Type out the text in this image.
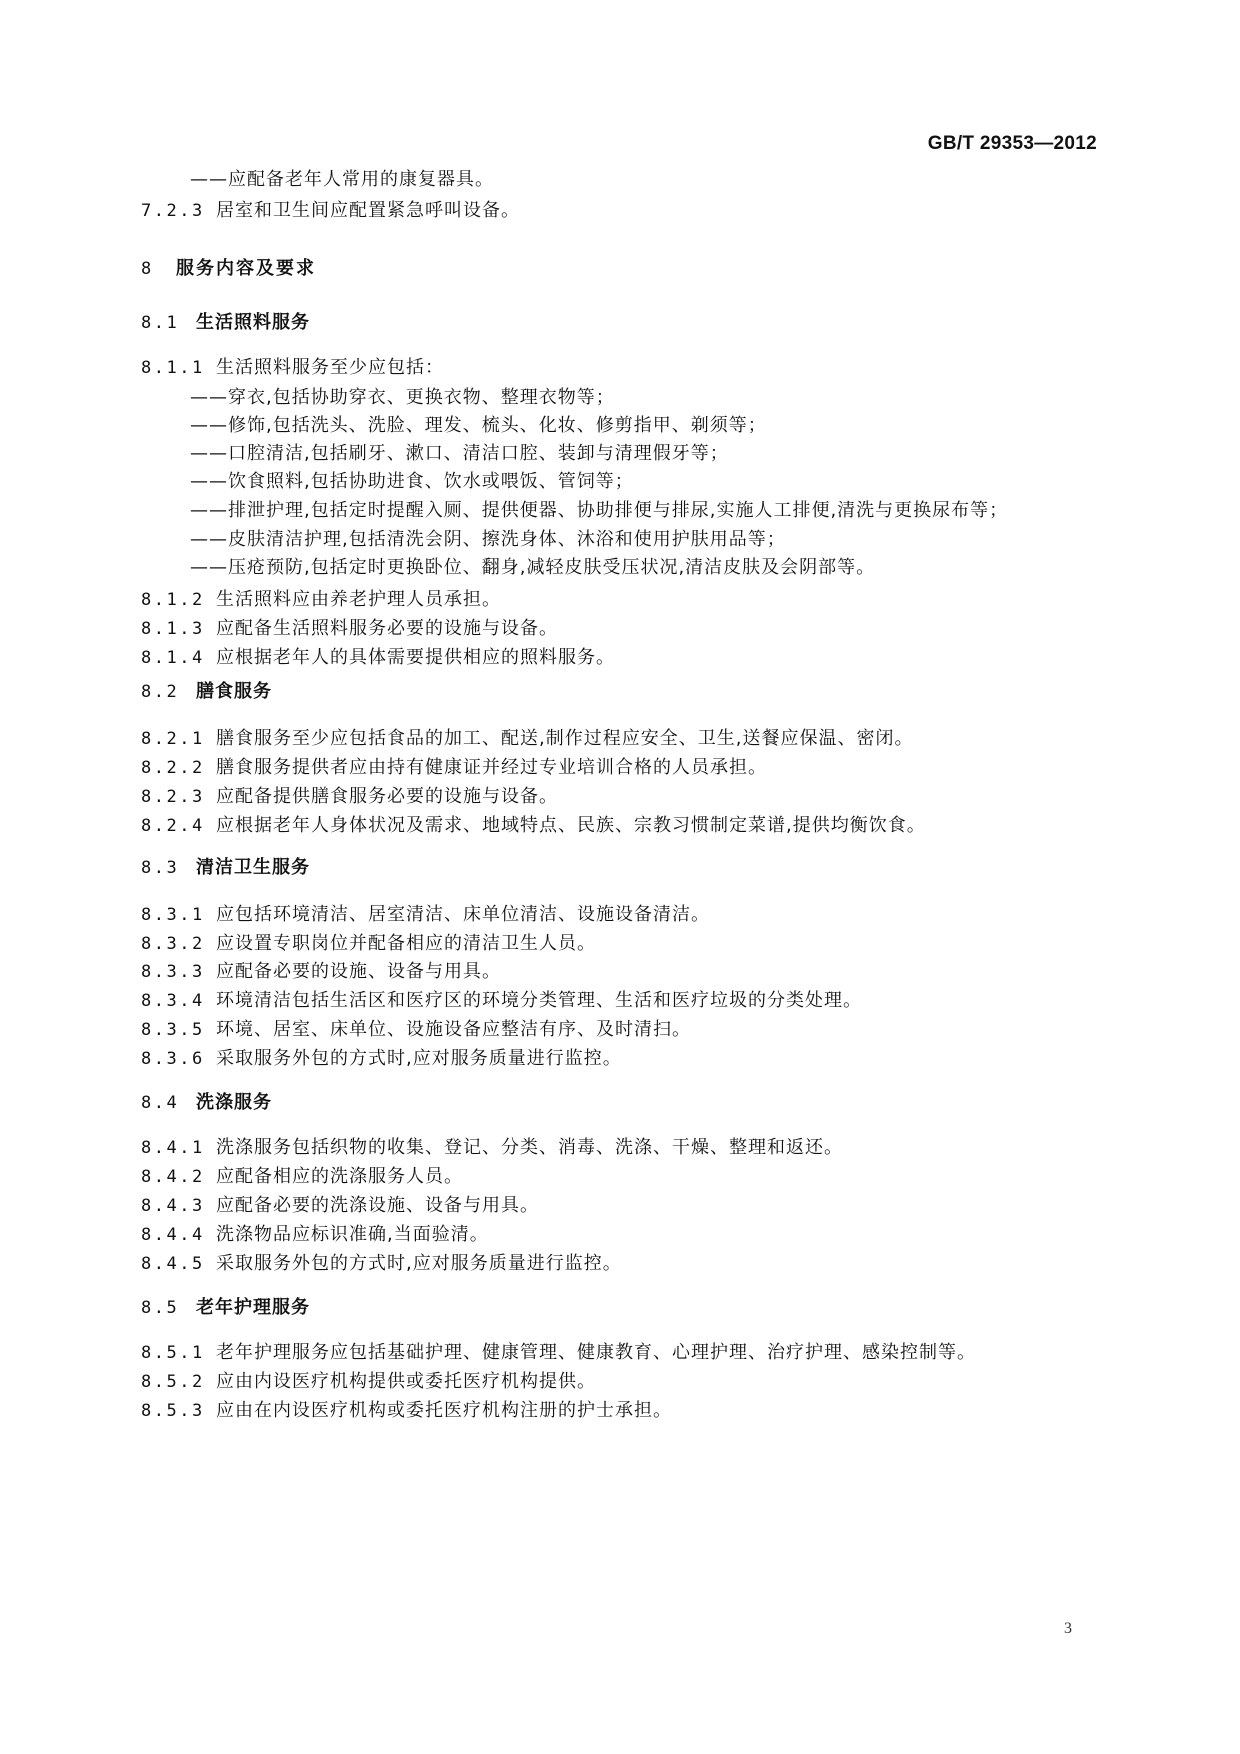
GB/T 29353—2012
——应配备老年人常用的康复器具。
7.2.3 居室和卫生间应配置紧急呼叫设备。
8 服务内容及要求
8.1 生活照料服务
8.1.1 生活照料服务至少应包括：
——穿衣,包括协助穿衣、更换衣物、整理衣物等；
——修饰,包括洗头、洗脸、理发、梳头、化妆、修剪指甲、剃须等；
——口腔清洁,包括刷牙、漱口、清洁口腔、装卸与清理假牙等；
——饮食照料,包括协助进食、饮水或喂饭、管饲等；
——排泄护理,包括定时提醒入厕、提供便器、协助排便与排尿,实施人工排便,清洗与更换尿布等；
——皮肤清洁护理,包括清洗会阴、擦洗身体、沐浴和使用护肤用品等；
——压疮预防,包括定时更换卧位、翻身,减轻皮肤受压状况,清洁皮肤及会阴部等。
8.1.2 生活照料应由养老护理人员承担。
8.1.3 应配备生活照料服务必要的设施与设备。
8.1.4 应根据老年人的具体需要提供相应的照料服务。
8.2 膳食服务
8.2.1 膳食服务至少应包括食品的加工、配送,制作过程应安全、卫生,送餐应保温、密闭。
8.2.2 膳食服务提供者应由持有健康证并经过专业培训合格的人员承担。
8.2.3 应配备提供膳食服务必要的设施与设备。
8.2.4 应根据老年人身体状况及需求、地域特点、民族、宗教习惯制定菜谱,提供均衡饮食。
8.3 清洁卫生服务
8.3.1 应包括环境清洁、居室清洁、床单位清洁、设施设备清洁。
8.3.2 应设置专职岗位并配备相应的清洁卫生人员。
8.3.3 应配备必要的设施、设备与用具。
8.3.4 环境清洁包括生活区和医疗区的环境分类管理、生活和医疗垃圾的分类处理。
8.3.5 环境、居室、床单位、设施设备应整洁有序、及时清扫。
8.3.6 采取服务外包的方式时,应对服务质量进行监控。
8.4 洗涤服务
8.4.1 洗涤服务包括织物的收集、登记、分类、消毒、洗涤、干燥、整理和返还。
8.4.2 应配备相应的洗涤服务人员。
8.4.3 应配备必要的洗涤设施、设备与用具。
8.4.4 洗涤物品应标识准确,当面验清。
8.4.5 采取服务外包的方式时,应对服务质量进行监控。
8.5 老年护理服务
8.5.1 老年护理服务应包括基础护理、健康管理、健康教育、心理护理、治疗护理、感染控制等。
8.5.2 应由内设医疗机构提供或委托医疗机构提供。
8.5.3 应由在内设医疗机构或委托医疗机构注册的护士承担。
3
